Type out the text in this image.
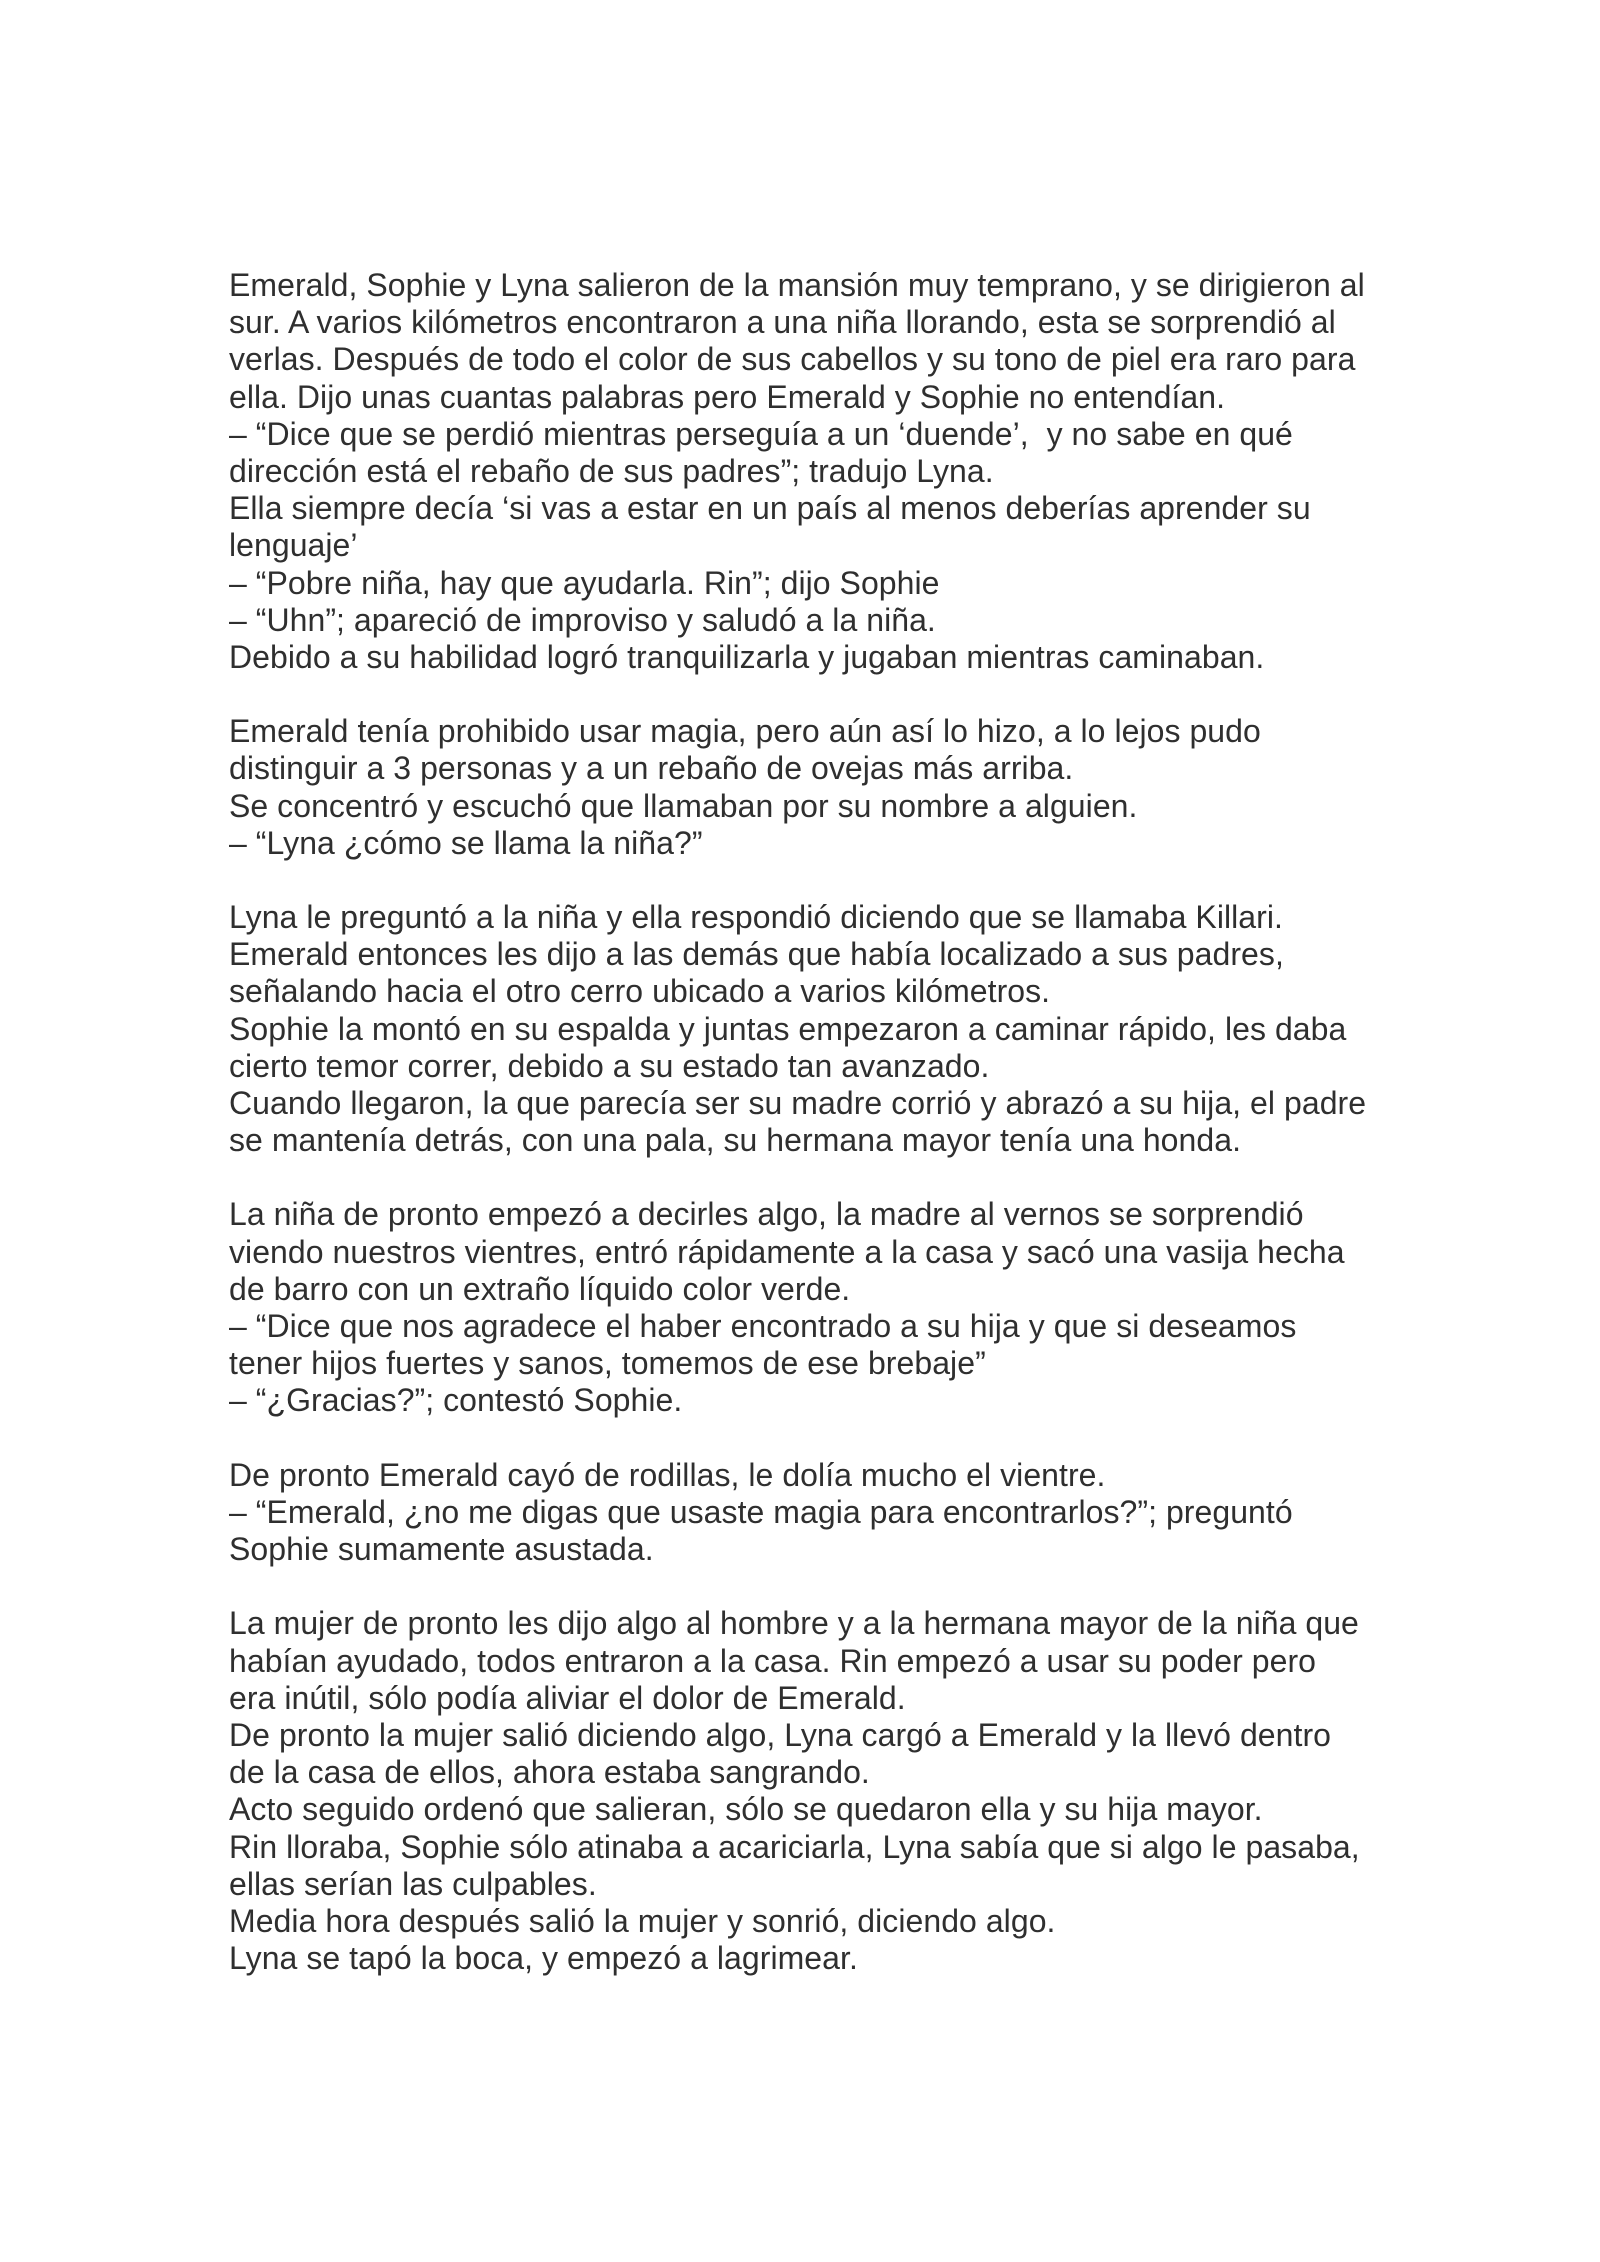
Emerald, Sophie y Lyna salieron de la mansión muy temprano, y se dirigieron al
sur. A varios kilómetros encontraron a una niña llorando, esta se sorprendió al
verlas. Después de todo el color de sus cabellos y su tono de piel era raro para
ella. Dijo unas cuantas palabras pero Emerald y Sophie no entendían.
– “Dice que se perdió mientras perseguía a un ‘duende’,  y no sabe en qué
dirección está el rebaño de sus padres”; tradujo Lyna.
Ella siempre decía ‘si vas a estar en un país al menos deberías aprender su
lenguaje’
– “Pobre niña, hay que ayudarla. Rin”; dijo Sophie
– “Uhn”; apareció de improviso y saludó a la niña.
Debido a su habilidad logró tranquilizarla y jugaban mientras caminaban.
Emerald tenía prohibido usar magia, pero aún así lo hizo, a lo lejos pudo
distinguir a 3 personas y a un rebaño de ovejas más arriba.
Se concentró y escuchó que llamaban por su nombre a alguien.
– “Lyna ¿cómo se llama la niña?”
Lyna le preguntó a la niña y ella respondió diciendo que se llamaba Killari.
Emerald entonces les dijo a las demás que había localizado a sus padres,
señalando hacia el otro cerro ubicado a varios kilómetros.
Sophie la montó en su espalda y juntas empezaron a caminar rápido, les daba
cierto temor correr, debido a su estado tan avanzado.
Cuando llegaron, la que parecía ser su madre corrió y abrazó a su hija, el padre
se mantenía detrás, con una pala, su hermana mayor tenía una honda.
La niña de pronto empezó a decirles algo, la madre al vernos se sorprendió
viendo nuestros vientres, entró rápidamente a la casa y sacó una vasija hecha
de barro con un extraño líquido color verde.
– “Dice que nos agradece el haber encontrado a su hija y que si deseamos
tener hijos fuertes y sanos, tomemos de ese brebaje”
– “¿Gracias?”; contestó Sophie.
De pronto Emerald cayó de rodillas, le dolía mucho el vientre.
– “Emerald, ¿no me digas que usaste magia para encontrarlos?”; preguntó
Sophie sumamente asustada.
La mujer de pronto les dijo algo al hombre y a la hermana mayor de la niña que
habían ayudado, todos entraron a la casa. Rin empezó a usar su poder pero
era inútil, sólo podía aliviar el dolor de Emerald.
De pronto la mujer salió diciendo algo, Lyna cargó a Emerald y la llevó dentro
de la casa de ellos, ahora estaba sangrando.
Acto seguido ordenó que salieran, sólo se quedaron ella y su hija mayor.
Rin lloraba, Sophie sólo atinaba a acariciarla, Lyna sabía que si algo le pasaba,
ellas serían las culpables.
Media hora después salió la mujer y sonrió, diciendo algo.
Lyna se tapó la boca, y empezó a lagrimear.
